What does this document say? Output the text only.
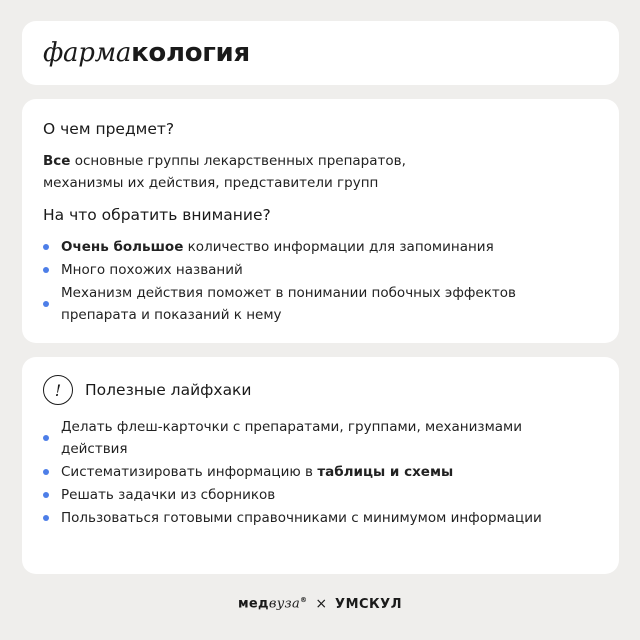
фармакология
О чем предмет?
Все основные группы лекарственных препаратов,
механизмы их действия, представители групп
На что обратить внимание?
Очень большое количество информации для запоминания
Много похожих названий
Механизм действия поможет в понимании побочных эффектов
препарата и показаний к нему
!	Полезные лайфхаки
Делать флеш-карточки с препаратами, группами, механизмами
действия
Систематизировать информацию в таблицы и схемы
Решать задачки из сборников
Пользоваться готовыми справочниками с минимумом информации
медвуза® × УМСКУЛ
